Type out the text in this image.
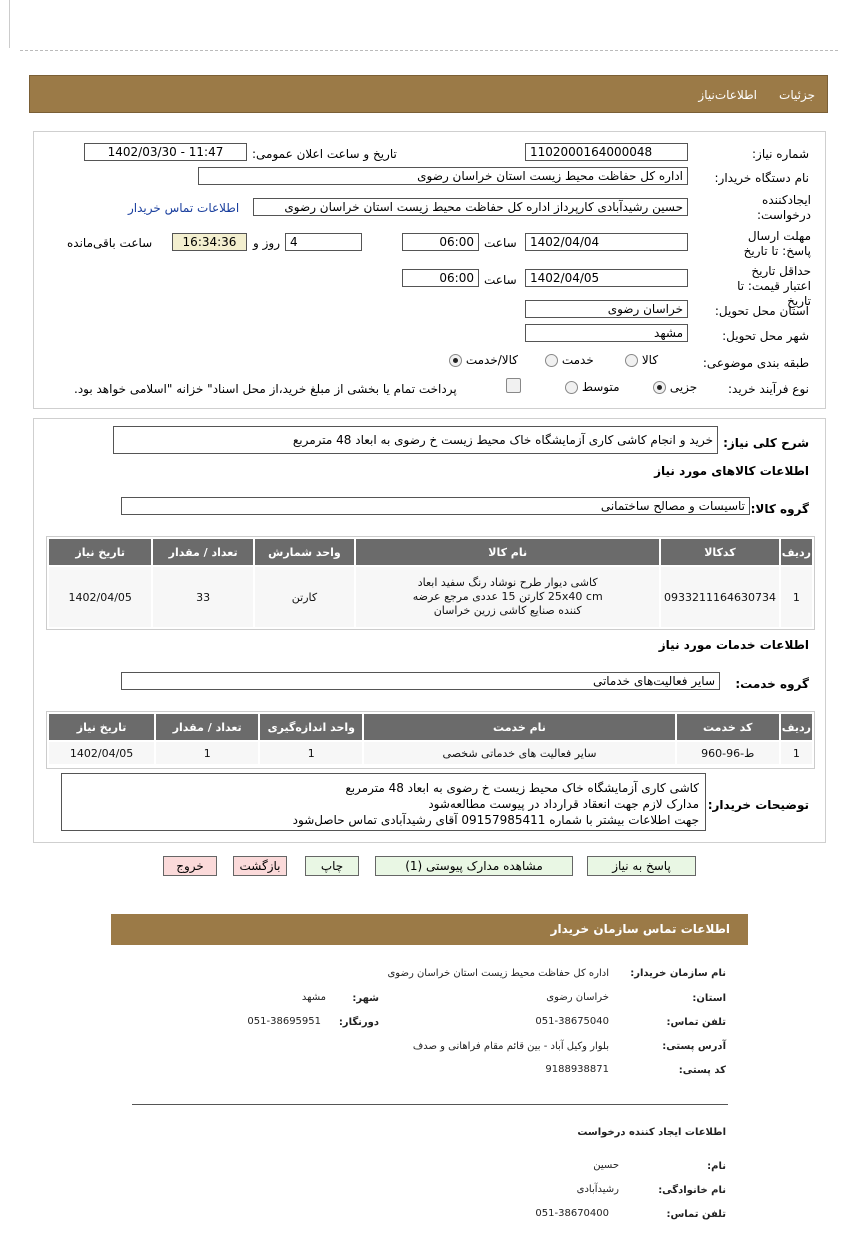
جزئیات
اطلاعات‌نیاز
شماره نیاز:
1102000164000048
تاریخ و ساعت اعلان عمومی:
1402/03/30 - 11:47
نام دستگاه خریدار:
اداره کل حفاظت محیط زیست استان خراسان رضوی
ایجادکننده درخواست:
حسین رشیدآبادی کارپرداز اداره کل حفاظت محیط زیست استان خراسان رضوی
اطلاعات تماس خریدار
مهلت ارسال پاسخ: تا تاریخ
1402/04/04
ساعت
06:00
4
روز و
16:34:36
ساعت باقی‌مانده
حداقل تاریخ اعتبار قیمت: تا تاریخ
1402/04/05
ساعت
06:00
استان محل تحویل:
خراسان رضوی
شهر محل تحویل:
مشهد
طبقه بندی موضوعی:
کالا
خدمت
کالا/خدمت
نوع فرآیند خرید:
جزیی
متوسط
پرداخت تمام یا بخشی از مبلغ خرید،از محل اسناد" خزانه "اسلامی خواهد بود.
شرح کلی نیاز:
خرید و انجام کاشی کاری آزمایشگاه خاک محیط زیست خ رضوی به ابعاد 48 مترمربع
اطلاعات کالاهای مورد نیاز
گروه کالا:
تاسیسات و مصالح ساختمانی
ردیف	کدکالا	نام کالا	واحد شمارش	تعداد / مقدار	تاریخ نیاز
1	0933211164630734	کاشی دیوار طرح نوشاد رنگ سفید ابعاد 25x40 cm کارتن 15 عددی مرجع عرضه کننده صنایع کاشی زرین خراسان	کارتن	33	1402/04/05
اطلاعات خدمات مورد نیاز
گروه خدمت:
سایر فعالیت‌های خدماتی
ردیف	کد خدمت	نام خدمت	واحد اندازه‌گیری	تعداد / مقدار	تاریخ نیاز
1	ط-96-960	سایر فعالیت های خدماتی شخصی	1	1	1402/04/05
توضیحات خریدار:
کاشی کاری آزمایشگاه خاک محیط زیست خ رضوی به ابعاد 48 مترمربع
مدارک لازم جهت انعقاد قرارداد در پیوست مطالعه‌شود
جهت اطلاعات بیشتر با شماره 09157985411 آقای رشیدآبادی تماس حاصل‌شود
پاسخ به نیاز
مشاهده مدارک پیوستی (1)
چاپ
بازگشت
خروج
اطلاعات تماس سازمان خریدار
نام سازمان خریدار:
اداره کل حفاظت محیط زیست استان خراسان رضوی
استان:
خراسان رضوی
شهر:
مشهد
تلفن تماس:
051-38675040
دورنگار:
051-38695951
آدرس پستی:
بلوار وکیل آباد - بین قائم مقام فراهانی و صدف
کد پستی:
9188938871
اطلاعات ایجاد کننده درخواست
نام:
حسین
نام خانوادگی:
رشیدآبادی
تلفن تماس:
051-38670400
